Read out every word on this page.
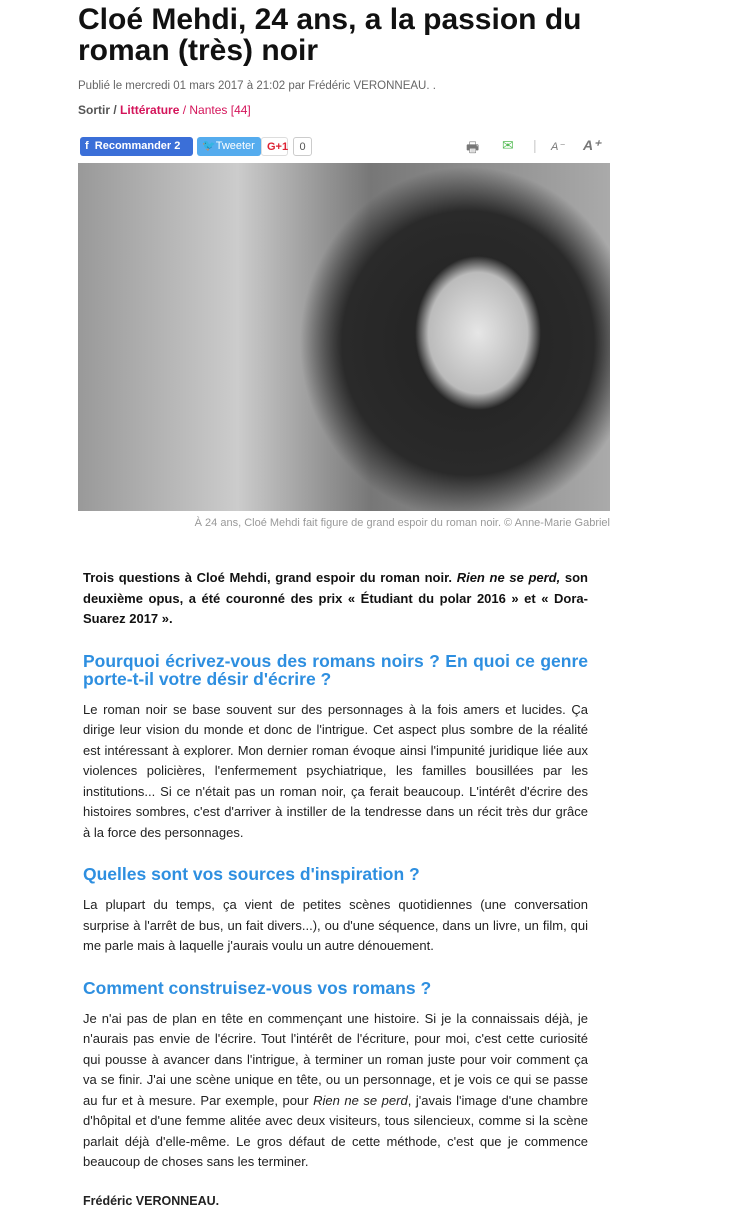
Cloé Mehdi, 24 ans, a la passion du roman (très) noir
Publié le mercredi 01 mars 2017 à 21:02 par Frédéric VERONNEAU. .
Sortir / Littérature / Nantes [44]
f  Recommander 2	🐦Tweeter	G+1	0	🖶 ✉ | A⁻ A⁺
À 24 ans, Cloé Mehdi fait figure de grand espoir du roman noir. © Anne-Marie Gabriel

Trois questions à Cloé Mehdi, grand espoir du roman noir. Rien ne se perd, son deuxième opus, a été couronné des prix « Étudiant du polar 2016 » et « Dora-Suarez 2017 ».

Pourquoi écrivez-vous des romans noirs ? En quoi ce genre porte-t-il votre désir d'écrire ?

Le roman noir se base souvent sur des personnages à la fois amers et lucides. Ça dirige leur vision du monde et donc de l'intrigue. Cet aspect plus sombre de la réalité est intéressant à explorer. Mon dernier roman évoque ainsi l'impunité juridique liée aux violences policières, l'enfermement psychiatrique, les familles bousillées par les institutions... Si ce n'était pas un roman noir, ça ferait beaucoup. L'intérêt d'écrire des histoires sombres, c'est d'arriver à instiller de la tendresse dans un récit très dur grâce à la force des personnages.

Quelles sont vos sources d'inspiration ?

La plupart du temps, ça vient de petites scènes quotidiennes (une conversation surprise à l'arrêt de bus, un fait divers...), ou d'une séquence, dans un livre, un film, qui me parle mais à laquelle j'aurais voulu un autre dénouement.

Comment construisez-vous vos romans ?

Je n'ai pas de plan en tête en commençant une histoire. Si je la connaissais déjà, je n'aurais pas envie de l'écrire. Tout l'intérêt de l'écriture, pour moi, c'est cette curiosité qui pousse à avancer dans l'intrigue, à terminer un roman juste pour voir comment ça va se finir. J'ai une scène unique en tête, ou un personnage, et je vois ce qui se passe au fur et à mesure. Par exemple, pour Rien ne se perd, j'avais l'image d'une chambre d'hôpital et d'une femme alitée avec deux visiteurs, tous silencieux, comme si la scène parlait déjà d'elle-même. Le gros défaut de cette méthode, c'est que je commence beaucoup de choses sans les terminer.

Frédéric VERONNEAU.
